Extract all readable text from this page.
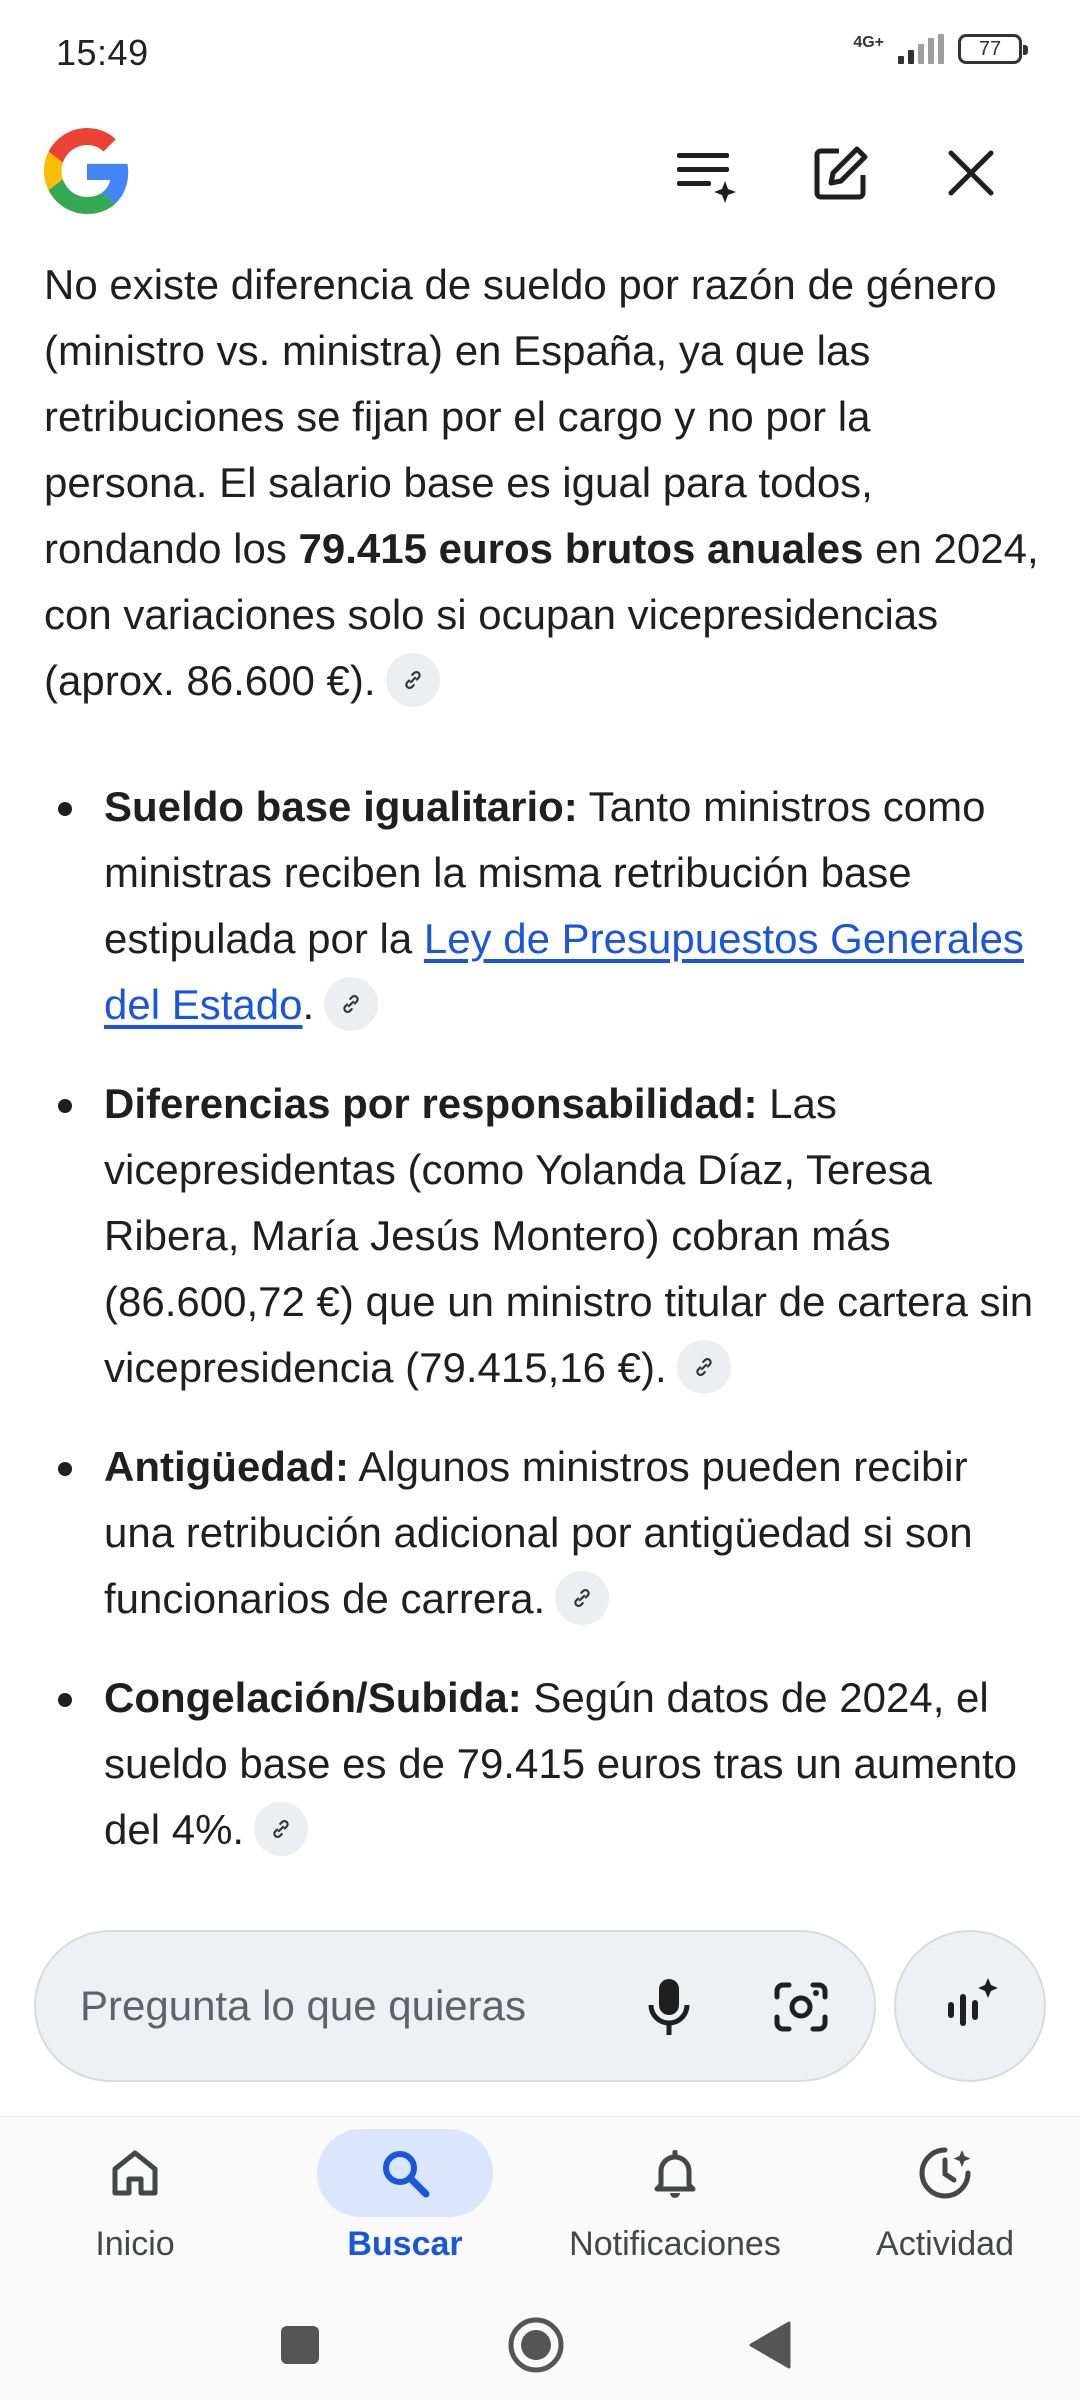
15:49	4G+	77

No existe diferencia de sueldo por razón de género (ministro vs. ministra) en España, ya que las retribuciones se fijan por el cargo y no por la persona. El salario base es igual para todos, rondando los 79.415 euros brutos anuales en 2024, con variaciones solo si ocupan vicepresidencias (aprox. 86.600 €).

Sueldo base igualitario: Tanto ministros como ministras reciben la misma retribución base estipulada por la Ley de Presupuestos Generales del Estado.
Diferencias por responsabilidad: Las vicepresidentas (como Yolanda Díaz, Teresa Ribera, María Jesús Montero) cobran más (86.600,72 €) que un ministro titular de cartera sin vicepresidencia (79.415,16 €).
Antigüedad: Algunos ministros pueden recibir una retribución adicional por antigüedad si son funcionarios de carrera.
Congelación/Subida: Según datos de 2024, el sueldo base es de 79.415 euros tras un aumento del 4%.
Pregunta lo que quieras
Inicio	Buscar	Notificaciones	Actividad
